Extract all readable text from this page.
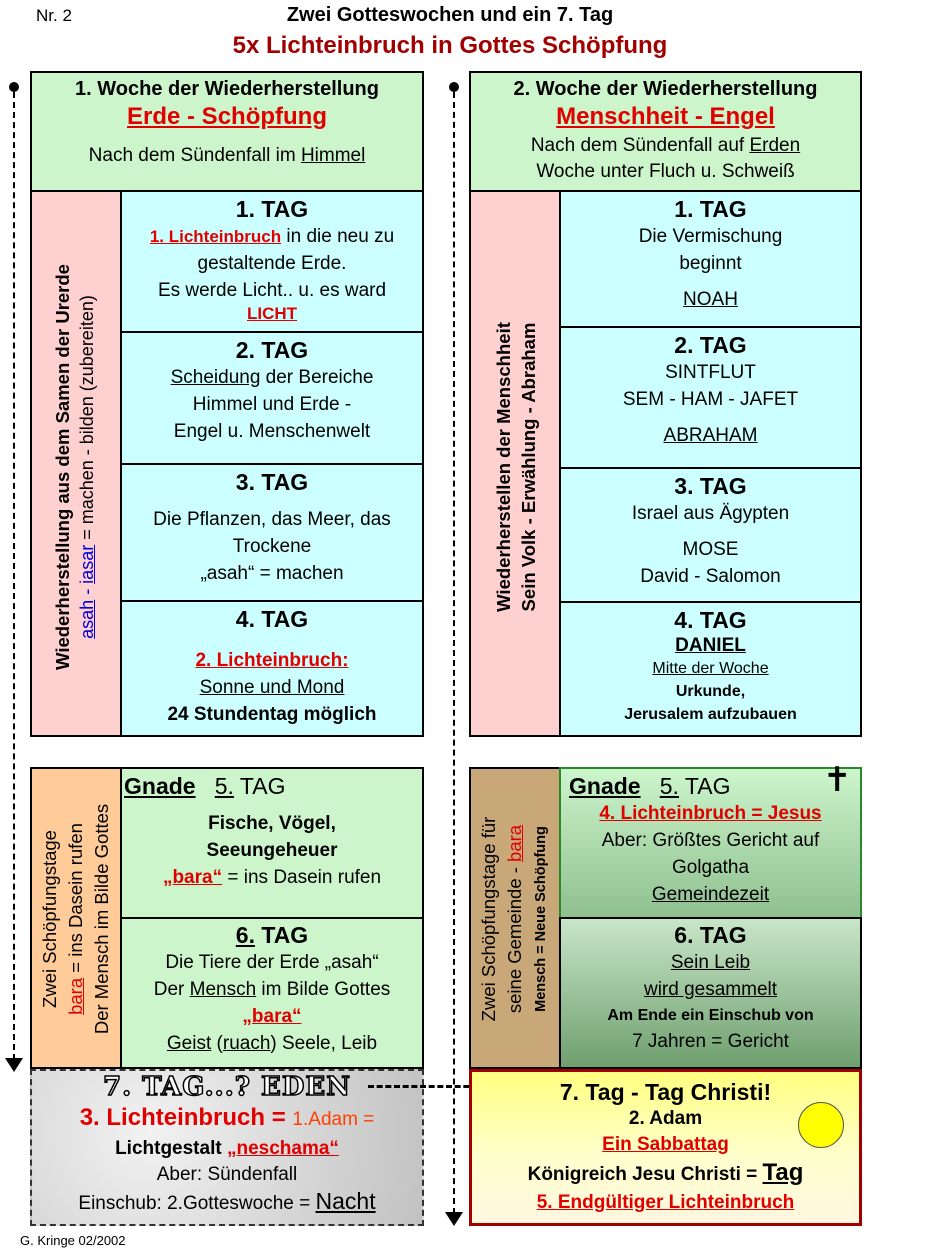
Nr. 2	Zwei Gotteswochen und ein 7. Tag
5x Lichteinbruch in Gottes Schöpfung
1. Woche der Wiederherstellung
Erde - Schöpfung
Nach dem Sündenfall im Himmel
Wiederherstellung aus dem Samen der Urerde asah - iasar = machen - bilden (zubereiten)
1. TAG
1. Lichteinbruch in die neu zu
gestaltende Erde.
Es werde Licht.. u. es ward
LICHT
2. TAG
Scheidung der Bereiche
Himmel und Erde -
Engel u. Menschenwelt
3. TAG
Die Pflanzen, das Meer, das
Trockene
„asah“ = machen
4. TAG
2. Lichteinbruch:
Sonne und Mond
24 Stundentag möglich
Zwei Schöpfungstage bara = ins Dasein rufen Der Mensch im Bilde Gottes
Gnade 5. TAG
Fische, Vögel,
Seeungeheuer
„bara“ = ins Dasein rufen
6. TAG
Die Tiere der Erde „asah“
Der Mensch im Bilde Gottes
„bara“
Geist (ruach) Seele, Leib
2. Woche der Wiederherstellung
Menschheit - Engel
Nach dem Sündenfall auf Erden
Woche unter Fluch u. Schweiß
Wiederherstellen der Menschheit Sein Volk - Erwählung - Abraham
1. TAG
Die Vermischung
beginnt
NOAH
2. TAG
SINTFLUT
SEM - HAM - JAFET
ABRAHAM
3. TAG
Israel aus Ägypten
MOSE
David - Salomon
4. TAG
DANIEL
Mitte der Woche
Urkunde,
Jerusalem aufzubauen
Zwei Schöpfungstage für seine Gemeinde - bara Mensch = Neue Schöpfung
Gnade 5. TAG	✝
4. Lichteinbruch = Jesus
Aber: Größtes Gericht auf
Golgatha
Gemeindezeit
6. TAG
Sein Leib
wird gesammelt
Am Ende ein Einschub von
7 Jahren = Gericht
7. TAG...? EDEN
3. Lichteinbruch = 1.Adam =
Lichtgestalt „neschama“
Aber: Sündenfall
Einschub: 2.Gotteswoche = Nacht
7. Tag - Tag Christi!
2. Adam
Ein Sabbattag
Königreich Jesu Christi = Tag
5. Endgültiger Lichteinbruch
G. Kringe 02/2002
